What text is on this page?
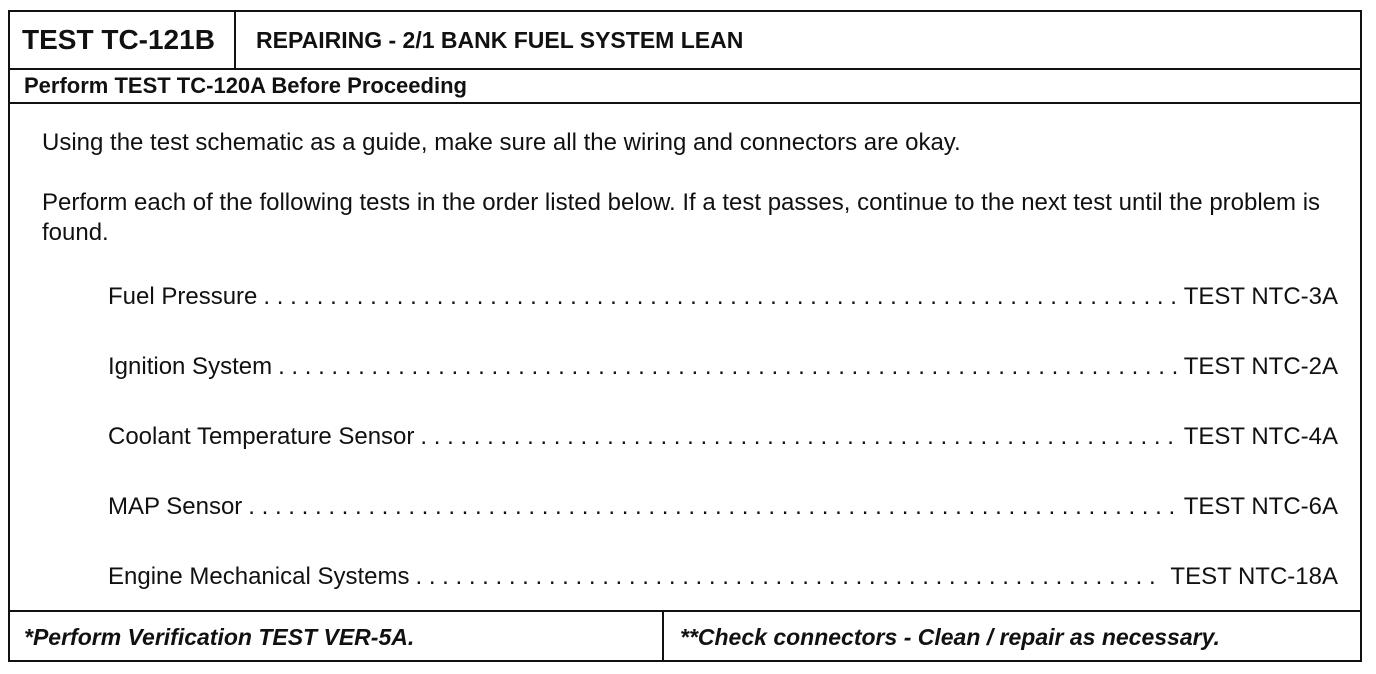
TEST TC-121B	REPAIRING - 2/1 BANK FUEL SYSTEM LEAN
Perform TEST TC-120A Before Proceeding
Using the test schematic as a guide, make sure all the wiring and connectors are okay.
Perform each of the following tests in the order listed below. If a test passes, continue to the next test until the problem is found.
Fuel Pressure . . .	TEST NTC-3A
Ignition System . . .	TEST NTC-2A
Coolant Temperature Sensor . . .	TEST NTC-4A
MAP Sensor . . .	TEST NTC-6A
Engine Mechanical Systems . . .	TEST NTC-18A
*Perform Verification TEST VER-5A.	**Check connectors - Clean / repair as necessary.
